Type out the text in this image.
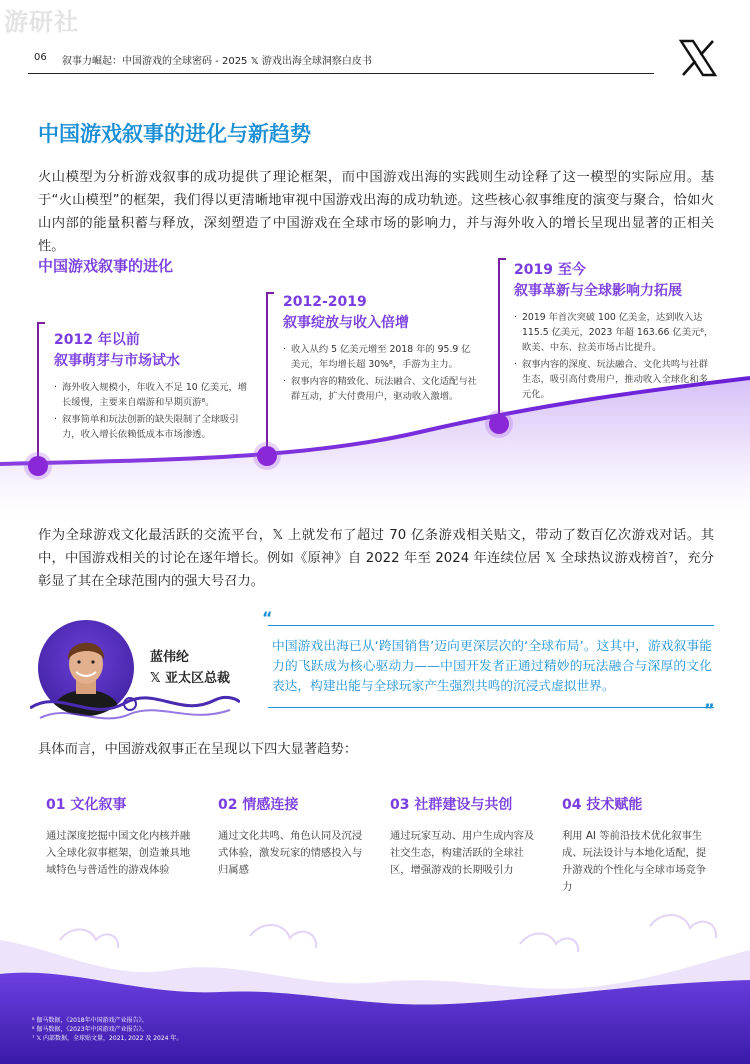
游研社
06 叙事力崛起：中国游戏的全球密码 - 2025 𝕏 游戏出海全球洞察白皮书
中国游戏叙事的进化与新趋势
火山模型为分析游戏叙事的成功提供了理论框架，而中国游戏出海的实践则生动诠释了这一模型的实际应用。基于“火山模型”的框架，我们得以更清晰地审视中国游戏出海的成功轨迹。这些核心叙事维度的演变与聚合，恰如火山内部的能量积蓄与释放，深刻塑造了中国游戏在全球市场的影响力，并与海外收入的增长呈现出显著的正相关性。
中国游戏叙事的进化
2012 年以前
叙事萌芽与市场试水
· 海外收入规模小，年收入不足 10 亿美元，增长缓慢，主要来自端游和早期页游⁸。
· 叙事简单和玩法创新的缺失限制了全球吸引力，收入增长依赖低成本市场渗透。
2012-2019
叙事绽放与收入倍增
· 收入从约 5 亿美元增至 2018 年的 95.9 亿美元，年均增长超 30%⁸，手游为主力。
· 叙事内容的精致化、玩法融合、文化适配与社群互动，扩大付费用户，驱动收入激增。
2019 至今
叙事革新与全球影响力拓展
· 2019 年首次突破 100 亿美金，达到收入达 115.5 亿美元，2023 年超 163.66 亿美元⁶，欧美、中东、拉美市场占比提升。
· 叙事内容的深度、玩法融合、文化共鸣与社群生态，吸引高付费用户，推动收入全球化和多元化。
作为全球游戏文化最活跃的交流平台，𝕏 上就发布了超过 70 亿条游戏相关贴文，带动了数百亿次游戏对话。其中，中国游戏相关的讨论在逐年增长。例如《原神》自 2022 年至 2024 年连续位居 𝕏 全球热议游戏榜首⁷，充分彰显了其在全球范围内的强大号召力。
蓝伟纶
𝕏 亚太区总裁
“
中国游戏出海已从‘跨国销售’迈向更深层次的‘全球布局’。这其中，游戏叙事能力的飞跃成为核心驱动力——中国开发者正通过精妙的玩法融合与深厚的文化表达，构建出能与全球玩家产生强烈共鸣的沉浸式虚拟世界。
”
具体而言，中国游戏叙事正在呈现以下四大显著趋势：
01 文化叙事
通过深度挖掘中国文化内核并融入全球化叙事框架，创造兼具地域特色与普适性的游戏体验
02 情感连接
通过文化共鸣、角色认同及沉浸式体验，激发玩家的情感投入与归属感
03 社群建设与共创
通过玩家互动、用户生成内容及社交生态，构建活跃的全球社区，增强游戏的长期吸引力
04 技术赋能
利用 AI 等前沿技术优化叙事生成、玩法设计与本地化适配，提升游戏的个性化与全球市场竞争力
⁶ 伽马数据，《2018年中国游戏产业报告》。
⁸ 伽马数据，《2023年中国游戏产业报告》。
⁷ 𝕏 内部数据，全球贴文量，2021, 2022 及 2024 年。
